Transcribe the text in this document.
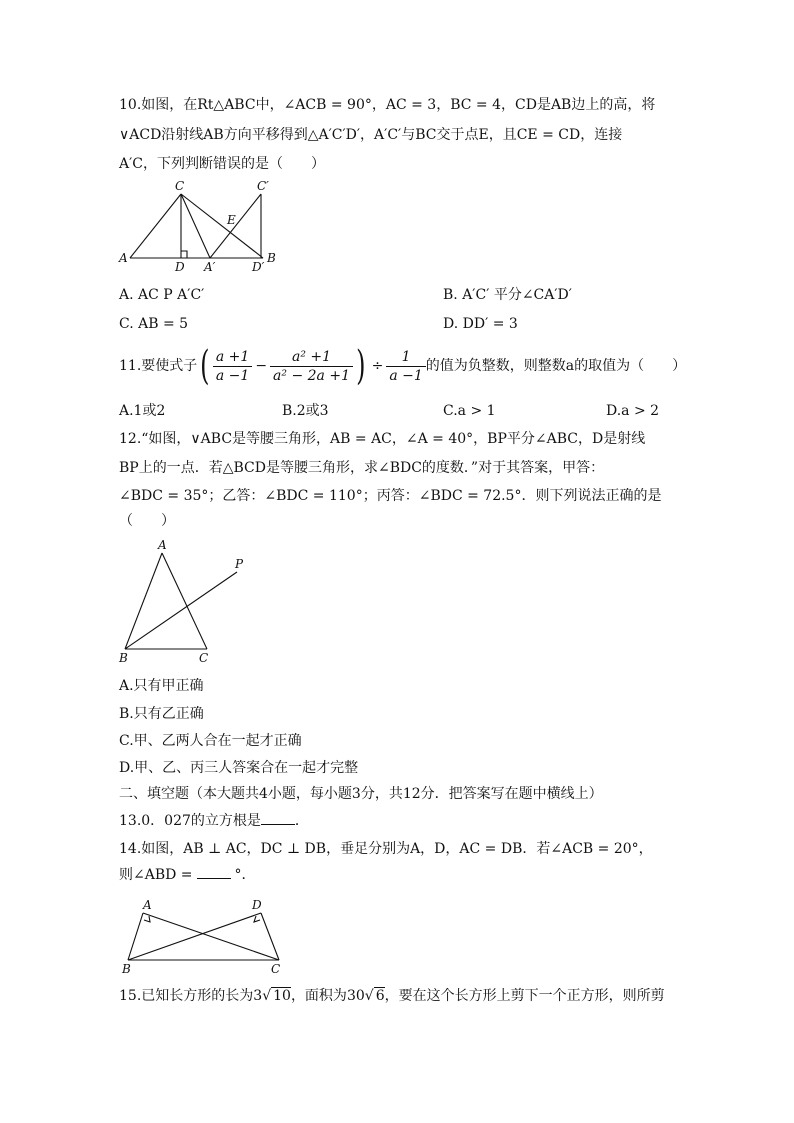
10.如图，在Rt△ABC中，∠ACB = 90°，AC = 3，BC = 4，CD是AB边上的高，将
∨ACD沿射线AB方向平移得到△A′C′D′，A′C′与BC交于点E，且CE = CD，连接
A′C，下列判断错误的是（　　）
C	C′
E
A
D A′	D′
B
A. AC P A′C′	B. A′C′ 平分∠CA′D′
C. AB = 5	D. DD′ = 3
11.要使式子( $\frac{a +1}{a -1} - \frac{\text{a² +1}}{\text{a² − 2a +1}}$ ) ÷ $\frac{1}{a -1}$ 的值为负整数，则整数a的取值为（　　）
A.1或2	B.2或3	C.a > 1	D.a > 2
12.“如图，∨ABC是等腰三角形，AB = AC，∠A = 40°，BP平分∠ABC，D是射线
BP上的一点．若△BCD是等腰三角形，求∠BDC的度数．”对于其答案，甲答：
∠BDC = 35°；乙答：∠BDC = 110°；丙答：∠BDC = 72.5°．则下列说法正确的是
（　　）
A
P
B	C
A.只有甲正确
B.只有乙正确
C.甲、乙两人合在一起才正确
D.甲、乙、丙三人答案合在一起才完整
二、填空题（本大题共4小题，每小题3分，共12分．把答案写在题中横线上）
13.0．027的立方根是 ．
14.如图，AB ⊥ AC，DC ⊥ DB，垂足分别为A，D，AC = DB．若∠ACB = 20°，
则∠ABD =	°．
A	D
B	C
15.已知长方形的长为3√ 10，面积为30√ 6，要在这个长方形上剪下一个正方形，则所剪
